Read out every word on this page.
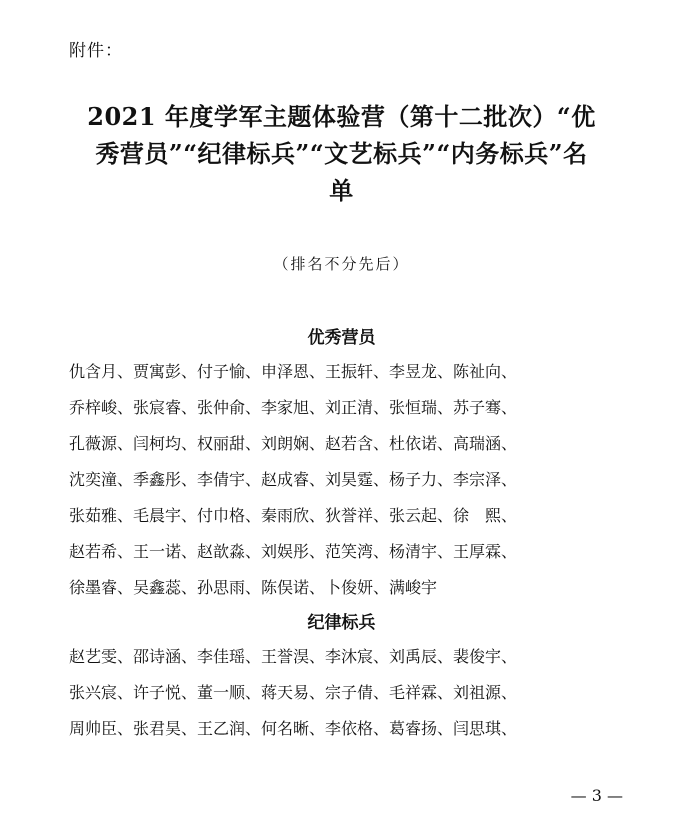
附件：
2021 年度学军主题体验营（第十二批次）“优
秀营员”“纪律标兵”“文艺标兵”“内务标兵”名
单
（排名不分先后）
优秀营员
仇含月、贾寓彭、付子愉、申泽恩、王振轩、李昱龙、陈祉向、
乔梓峻、张宸睿、张仲俞、李家旭、刘正清、张恒瑞、苏子骞、
孔薇源、闫柯均、权丽甜、刘朗娴、赵若含、杜依诺、高瑞涵、
沈奕潼、季鑫彤、李倩宇、赵成睿、刘昊霆、杨子力、李宗泽、
张茹雅、毛晨宇、付巾格、秦雨欣、狄誉祥、张云起、徐　熙、
赵若希、王一诺、赵歆淼、刘娱彤、范笑湾、杨清宇、王厚霖、
徐墨睿、吴鑫蕊、孙思雨、陈俣诺、卜俊妍、满峻宇
纪律标兵
赵艺雯、邵诗涵、李佳瑶、王誉淏、李沐宸、刘禹辰、裴俊宇、
张兴宸、许子悦、董一顺、蒋天易、宗子倩、毛祥霖、刘祖源、
周帅臣、张君昊、王乙润、何名晰、李依格、葛睿扬、闫思琪、
— 3 —
